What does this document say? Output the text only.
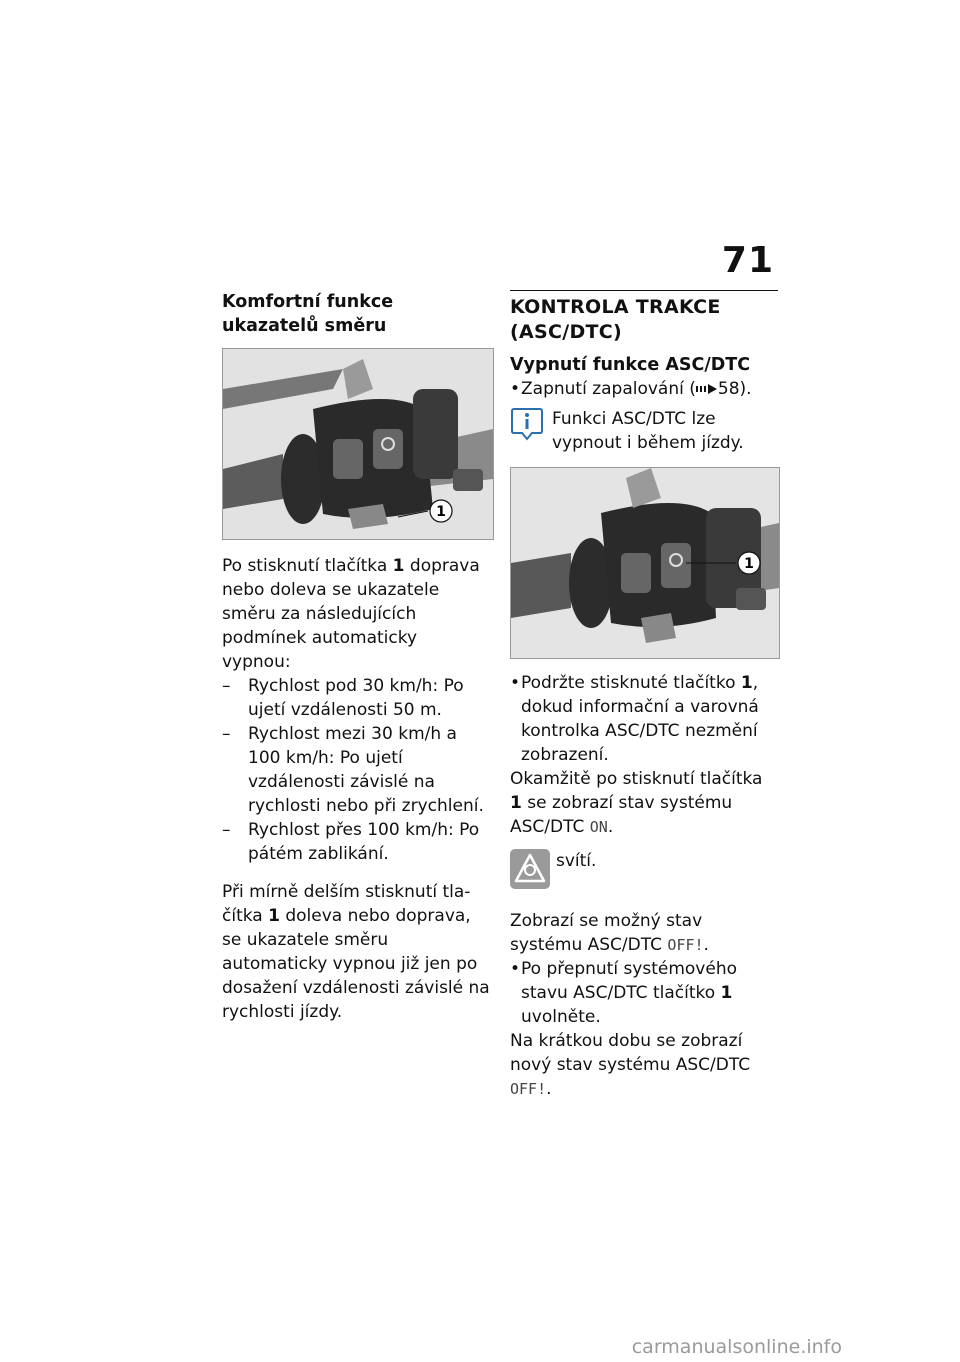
71
Komfortní funkce ukazatelů směru
1

Po stisknutí tlačítka 1 doprava nebo doleva se ukazatele směru za následujících podmínek automaticky vypnou:

– Rychlost pod 30 km/h: Po ujetí vzdálenosti 50 m.
– Rychlost mezi 30 km/h a 100 km/h: Po ujetí vzdálenosti závislé na rychlosti nebo při zrychlení.
– Rychlost přes 100 km/h: Po pátém zablikání.

Při mírně delším stisknutí tla-čítka 1 doleva nebo doprava, se ukazatele směru automaticky vypnou již jen po dosažení vzdálenosti závislé na rychlosti jízdy.

KONTROLA TRAKCE (ASC/DTC)
Vypnutí funkce ASC/DTC
• Zapnutí zapalování ( 58).

Funkci ASC/DTC lze vypnout i během jízdy.

1
• Podržte stisknuté tlačítko 1, dokud informační a varovná kontrolka ASC/DTC nezmění zobrazení.

Okamžitě po stisknutí tlačítka 1 se zobrazí stav systému ASC/DTC ON.

svítí.

Zobrazí se možný stav systému ASC/DTC OFF!.

• Po přepnutí systémového stavu ASC/DTC tlačítko 1 uvolněte.

Na krátkou dobu se zobrazí nový stav systému ASC/DTC OFF!.

carmanualsonline.info
